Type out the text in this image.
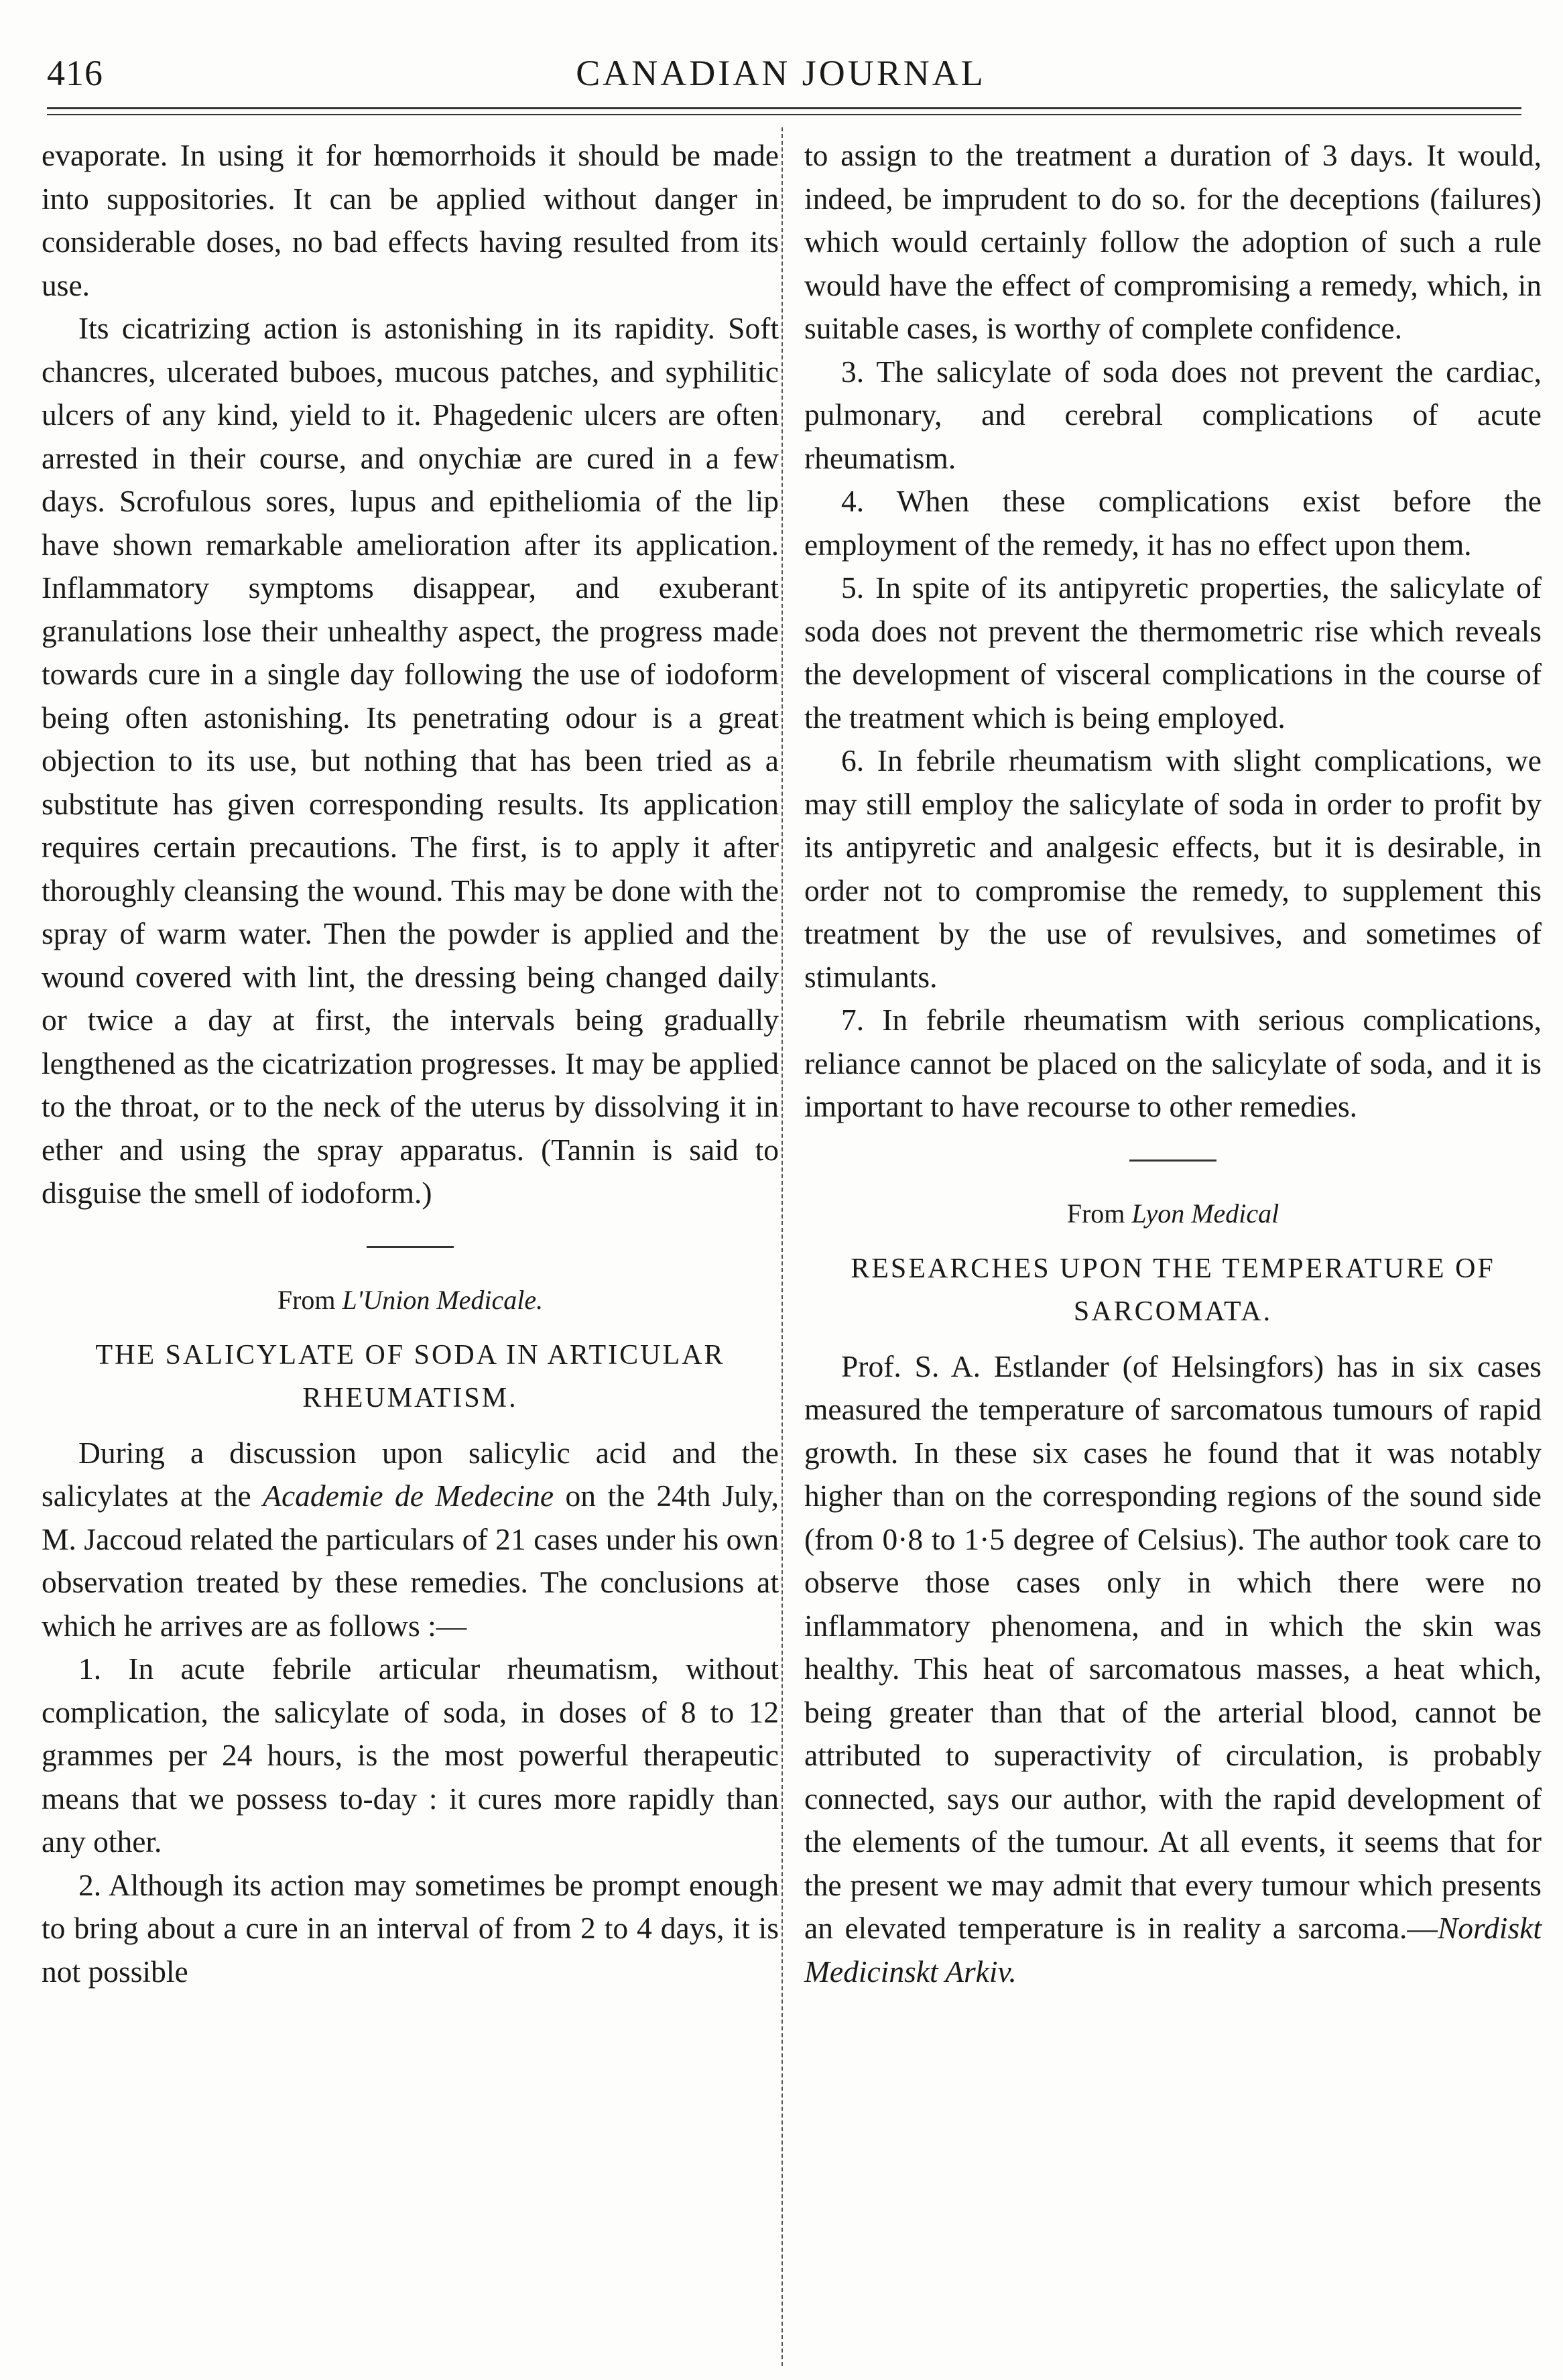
416	CANADIAN JOURNAL

evaporate. In using it for hœmorrhoids it should be made into suppositories. It can be applied without danger in considerable doses, no bad effects having resulted from its use.

Its cicatrizing action is astonishing in its rapidity. Soft chancres, ulcerated buboes, mucous patches, and syphilitic ulcers of any kind, yield to it. Phagedenic ulcers are often arrested in their course, and onychiæ are cured in a few days. Scrofulous sores, lupus and epitheliomia of the lip have shown remarkable amelioration after its application. Inflammatory symptoms disappear, and exuberant granulations lose their unhealthy aspect, the progress made towards cure in a single day following the use of iodoform being often astonishing. Its penetrating odour is a great objection to its use, but nothing that has been tried as a substitute has given corresponding results. Its application requires certain precautions. The first, is to apply it after thoroughly cleansing the wound. This may be done with the spray of warm water. Then the powder is applied and the wound covered with lint, the dressing being changed daily or twice a day at first, the intervals being gradually lengthened as the cicatrization progresses. It may be applied to the throat, or to the neck of the uterus by dissolving it in ether and using the spray apparatus. (Tannin is said to disguise the smell of iodoform.)

From L'Union Medicale.

THE SALICYLATE OF SODA IN ARTICULAR RHEUMATISM.

During a discussion upon salicylic acid and the salicylates at the Academie de Medecine on the 24th July, M. Jaccoud related the particulars of 21 cases under his own observation treated by these remedies. The conclusions at which he arrives are as follows :—

1. In acute febrile articular rheumatism, without complication, the salicylate of soda, in doses of 8 to 12 grammes per 24 hours, is the most powerful therapeutic means that we possess to-day : it cures more rapidly than any other.

2. Although its action may sometimes be prompt enough to bring about a cure in an interval of from 2 to 4 days, it is not possible

to assign to the treatment a duration of 3 days. It would, indeed, be imprudent to do so. for the deceptions (failures) which would certainly follow the adoption of such a rule would have the effect of compromising a remedy, which, in suitable cases, is worthy of complete confidence.

3. The salicylate of soda does not prevent the cardiac, pulmonary, and cerebral complications of acute rheumatism.

4. When these complications exist before the employment of the remedy, it has no effect upon them.

5. In spite of its antipyretic properties, the salicylate of soda does not prevent the thermometric rise which reveals the development of visceral complications in the course of the treatment which is being employed.

6. In febrile rheumatism with slight complications, we may still employ the salicylate of soda in order to profit by its antipyretic and analgesic effects, but it is desirable, in order not to compromise the remedy, to supplement this treatment by the use of revulsives, and sometimes of stimulants.

7. In febrile rheumatism with serious complications, reliance cannot be placed on the salicylate of soda, and it is important to have recourse to other remedies.

From Lyon Medical

RESEARCHES UPON THE TEMPERATURE OF SARCOMATA.

Prof. S. A. Estlander (of Helsingfors) has in six cases measured the temperature of sarcomatous tumours of rapid growth. In these six cases he found that it was notably higher than on the corresponding regions of the sound side (from 0·8 to 1·5 degree of Celsius). The author took care to observe those cases only in which there were no inflammatory phenomena, and in which the skin was healthy. This heat of sarcomatous masses, a heat which, being greater than that of the arterial blood, cannot be attributed to superactivity of circulation, is probably connected, says our author, with the rapid development of the elements of the tumour. At all events, it seems that for the present we may admit that every tumour which presents an elevated temperature is in reality a sarcoma.—Nordiskt Medicinskt Arkiv.
